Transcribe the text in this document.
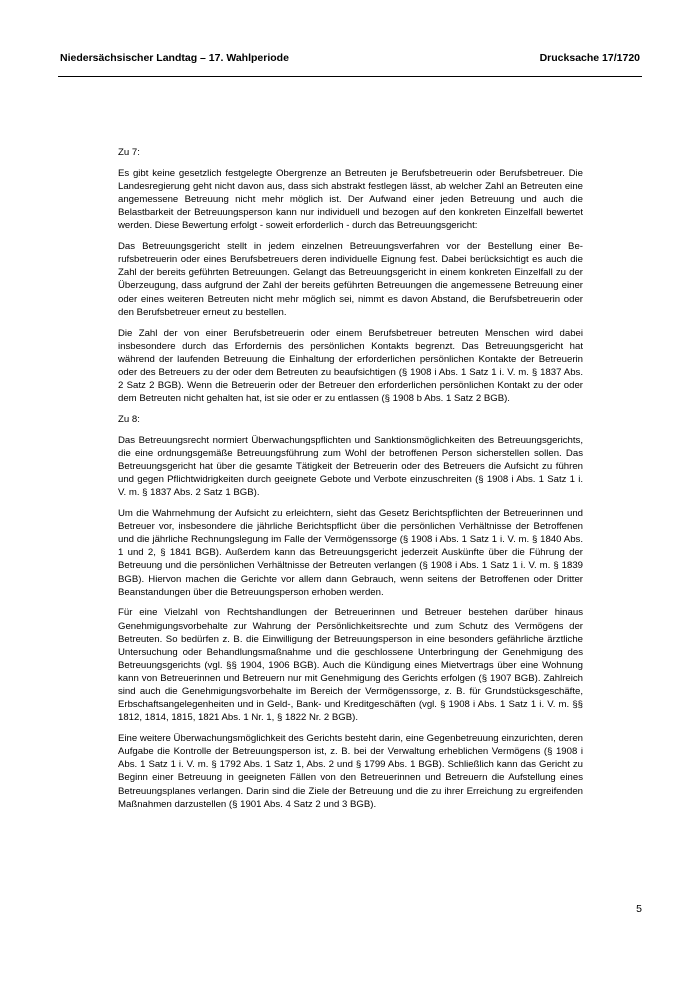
Niedersächsischer Landtag – 17. Wahlperiode	Drucksache 17/1720

Zu 7:

Es gibt keine gesetzlich festgelegte Obergrenze an Betreuten je Berufsbetreuerin oder Berufsbetreuer. Die Landesregierung geht nicht davon aus, dass sich abstrakt festlegen lässt, ab welcher Zahl an Betreuten eine angemessene Betreuung nicht mehr möglich ist. Der Aufwand einer jeden Betreuung und auch die Belastbarkeit der Betreuungsperson kann nur individuell und bezogen auf den konkreten Einzelfall bewertet werden. Diese Bewertung erfolgt - soweit erforderlich - durch das Betreuungsgericht:

Das Betreuungsgericht stellt in jedem einzelnen Betreuungsverfahren vor der Bestellung einer Berufsbetreuerin oder eines Berufsbetreuers deren individuelle Eignung fest. Dabei berücksichtigt es auch die Zahl der bereits geführten Betreuungen. Gelangt das Betreuungsgericht in einem konkreten Einzelfall zu der Überzeugung, dass aufgrund der Zahl der bereits geführten Betreuungen die angemessene Betreuung einer oder eines weiteren Betreuten nicht mehr möglich sei, nimmt es davon Abstand, die Berufsbetreuerin oder den Berufsbetreuer erneut zu bestellen.

Die Zahl der von einer Berufsbetreuerin oder einem Berufsbetreuer betreuten Menschen wird dabei insbesondere durch das Erfordernis des persönlichen Kontakts begrenzt. Das Betreuungsgericht hat während der laufenden Betreuung die Einhaltung der erforderlichen persönlichen Kontakte der Betreuerin oder des Betreuers zu der oder dem Betreuten zu beaufsichtigen (§ 1908 i Abs. 1 Satz 1 i. V. m. § 1837 Abs. 2 Satz 2 BGB). Wenn die Betreuerin oder der Betreuer den erforderlichen persönlichen Kontakt zu der oder dem Betreuten nicht gehalten hat, ist sie oder er zu entlassen (§ 1908 b Abs. 1 Satz 2 BGB).

Zu 8:

Das Betreuungsrecht normiert Überwachungspflichten und Sanktionsmöglichkeiten des Betreuungsgerichts, die eine ordnungsgemäße Betreuungsführung zum Wohl der betroffenen Person sicherstellen sollen. Das Betreuungsgericht hat über die gesamte Tätigkeit der Betreuerin oder des Betreuers die Aufsicht zu führen und gegen Pflichtwidrigkeiten durch geeignete Gebote und Verbote einzuschreiten (§ 1908 i Abs. 1 Satz 1 i. V. m. § 1837 Abs. 2 Satz 1 BGB).

Um die Wahrnehmung der Aufsicht zu erleichtern, sieht das Gesetz Berichtspflichten der Betreuerinnen und Betreuer vor, insbesondere die jährliche Berichtspflicht über die persönlichen Verhältnisse der Betroffenen und die jährliche Rechnungslegung im Falle der Vermögenssorge (§ 1908 i Abs. 1 Satz 1 i. V. m. § 1840 Abs. 1 und 2, § 1841 BGB). Außerdem kann das Betreuungsgericht jederzeit Auskünfte über die Führung der Betreuung und die persönlichen Verhältnisse der Betreuten verlangen (§ 1908 i Abs. 1 Satz 1 i. V. m. § 1839 BGB). Hiervon machen die Gerichte vor allem dann Gebrauch, wenn seitens der Betroffenen oder Dritter Beanstandungen über die Betreuungsperson erhoben werden.

Für eine Vielzahl von Rechtshandlungen der Betreuerinnen und Betreuer bestehen darüber hinaus Genehmigungsvorbehalte zur Wahrung der Persönlichkeitsrechte und zum Schutz des Vermögens der Betreuten. So bedürfen z. B. die Einwilligung der Betreuungsperson in eine besonders gefährliche ärztliche Untersuchung oder Behandlungsmaßnahme und die geschlossene Unterbringung der Genehmigung des Betreuungsgerichts (vgl. §§ 1904, 1906 BGB). Auch die Kündigung eines Mietvertrags über eine Wohnung kann von Betreuerinnen und Betreuern nur mit Genehmigung des Gerichts erfolgen (§ 1907 BGB). Zahlreich sind auch die Genehmigungsvorbehalte im Bereich der Vermögenssorge, z. B. für Grundstücksgeschäfte, Erbschaftsangelegenheiten und in Geld-, Bank- und Kreditgeschäften (vgl. § 1908 i Abs. 1 Satz 1 i. V. m. §§ 1812, 1814, 1815, 1821 Abs. 1 Nr. 1, § 1822 Nr. 2 BGB).

Eine weitere Überwachungsmöglichkeit des Gerichts besteht darin, eine Gegenbetreuung einzurichten, deren Aufgabe die Kontrolle der Betreuungsperson ist, z. B. bei der Verwaltung erheblichen Vermögens (§ 1908 i Abs. 1 Satz 1 i. V. m. § 1792 Abs. 1 Satz 1, Abs. 2 und § 1799 Abs. 1 BGB). Schließlich kann das Gericht zu Beginn einer Betreuung in geeigneten Fällen von den Betreuerinnen und Betreuern die Aufstellung eines Betreuungsplanes verlangen. Darin sind die Ziele der Betreuung und die zu ihrer Erreichung zu ergreifenden Maßnahmen darzustellen (§ 1901 Abs. 4 Satz 2 und 3 BGB).

5
